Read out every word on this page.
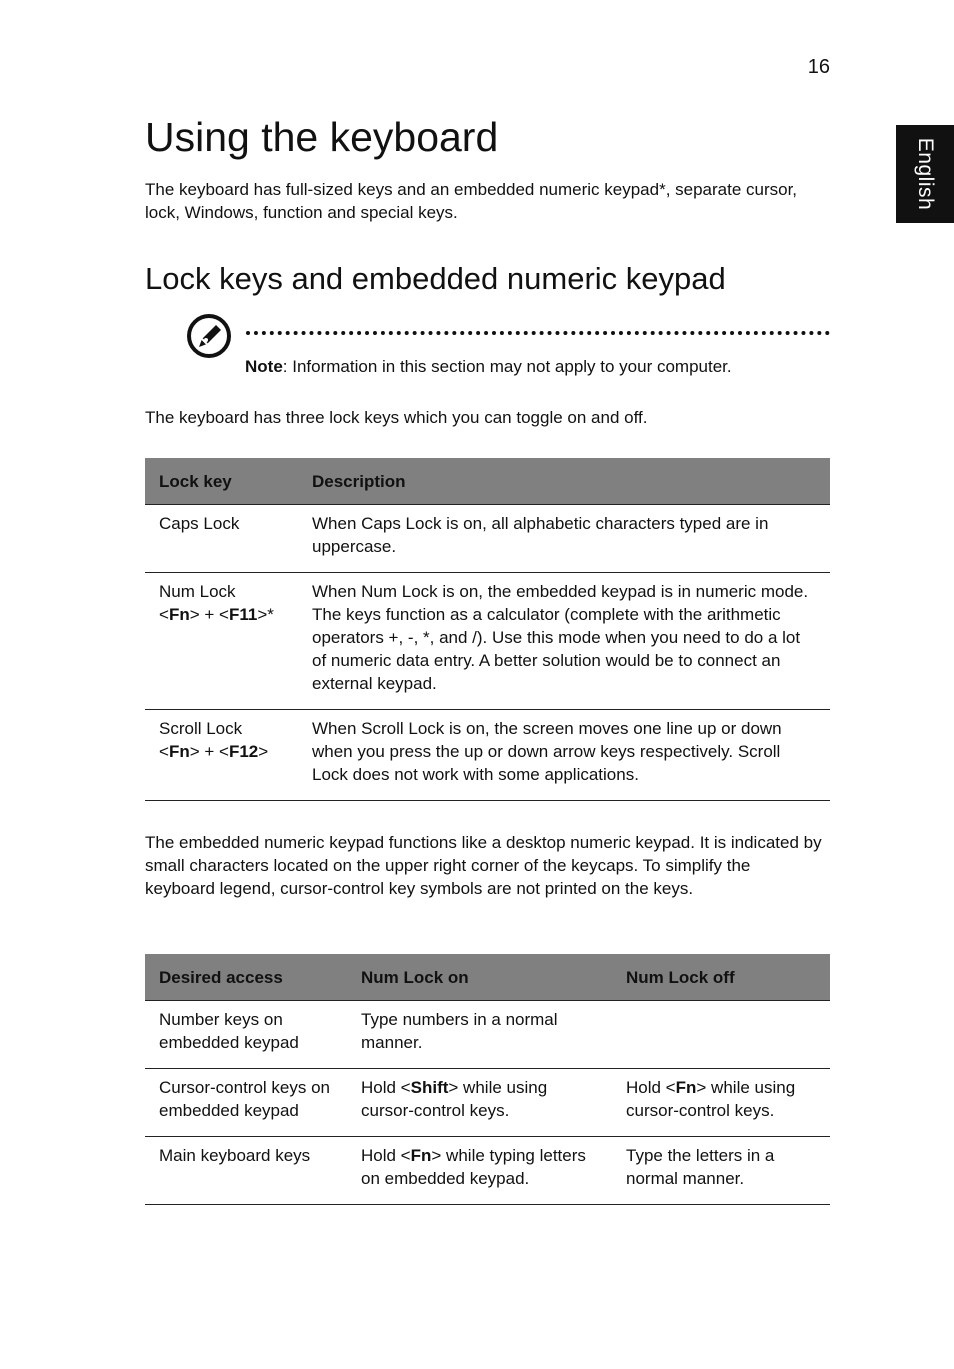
16
English
Using the keyboard

The keyboard has full-sized keys and an embedded numeric keypad*, separate cursor, lock, Windows, function and special keys.

Lock keys and embedded numeric keypad
Note: Information in this section may not apply to your computer.

The keyboard has three lock keys which you can toggle on and off.

Lock key	Description
Caps Lock	When Caps Lock is on, all alphabetic characters typed are in uppercase.
Num Lock
<Fn> + <F11>*	When Num Lock is on, the embedded keypad is in numeric mode. The keys function as a calculator (complete with the arithmetic operators +, -, *, and /). Use this mode when you need to do a lot of numeric data entry. A better solution would be to connect an external keypad.
Scroll Lock
<Fn> + <F12>	When Scroll Lock is on, the screen moves one line up or down when you press the up or down arrow keys respectively. Scroll Lock does not work with some applications.

The embedded numeric keypad functions like a desktop numeric keypad. It is indicated by small characters located on the upper right corner of the keycaps. To simplify the keyboard legend, cursor-control key symbols are not printed on the keys.

Desired access	Num Lock on	Num Lock off
Number keys on embedded keypad	Type numbers in a normal manner.	
Cursor-control keys on embedded keypad	Hold <Shift> while using cursor-control keys.	Hold <Fn> while using cursor-control keys.
Main keyboard keys	Hold <Fn> while typing letters on embedded keypad.	Type the letters in a normal manner.
